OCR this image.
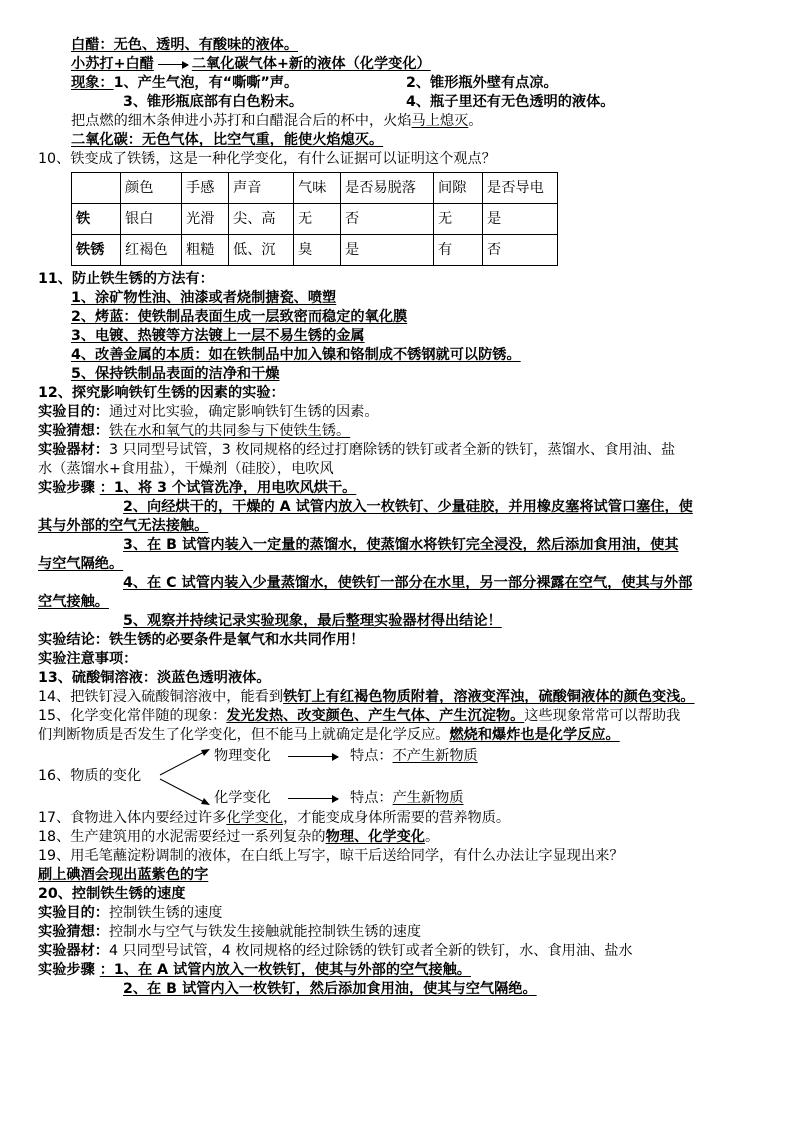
白醋：无色、透明、有酸味的液体。
小苏打+白醋	二氧化碳气体+新的液体（化学变化）
现象：1、产生气泡，有“嘶嘶”声。	2、锥形瓶外壁有点凉。
3、锥形瓶底部有白色粉末。	4、瓶子里还有无色透明的液体。
把点燃的细木条伸进小苏打和白醋混合后的杯中，火焰马上熄灭。
二氧化碳：无色气体，比空气重，能使火焰熄灭。
10、铁变成了铁锈，这是一种化学变化，有什么证据可以证明这个观点？
	颜色	手感	声音	气味	是否易脱落	间隙	是否导电
铁	银白	光滑	尖、高	无	否	无	是
铁锈	红褐色	粗糙	低、沉	臭	是	有	否
11、防止铁生锈的方法有：
1、涂矿物性油、油漆或者烧制搪瓷、喷塑
2、烤蓝：使铁制品表面生成一层致密而稳定的氧化膜
3、电镀、热镀等方法镀上一层不易生锈的金属
4、改善金属的本质：如在铁制品中加入镍和铬制成不锈钢就可以防锈。
5、保持铁制品表面的洁净和干燥
12、探究影响铁钉生锈的因素的实验：
实验目的：通过对比实验，确定影响铁钉生锈的因素。
实验猜想：铁在水和氧气的共同参与下使铁生锈。
实验器材：3 只同型号试管，3 枚同规格的经过打磨除锈的铁钉或者全新的铁钉，蒸馏水、食用油、盐
水（蒸馏水+食用盐），干燥剂（硅胶），电吹风
实验步骤 ：1、将 3 个试管洗净，用电吹风烘干。
2、向经烘干的，干燥的 A 试管内放入一枚铁钉、少量硅胶，并用橡皮塞将试管口塞住，使
其与外部的空气无法接触。
3、在 B 试管内装入一定量的蒸馏水，使蒸馏水将铁钉完全浸没，然后添加食用油，使其
与空气隔绝。
4、在 C 试管内装入少量蒸馏水，使铁钉一部分在水里，另一部分裸露在空气，使其与外部
空气接触。
5、观察并持续记录实验现象，最后整理实验器材得出结论！
实验结论：铁生锈的必要条件是氧气和水共同作用！
实验注意事项：
13、硫酸铜溶液：淡蓝色透明液体。
14、把铁钉浸入硫酸铜溶液中，能看到铁钉上有红褐色物质附着，溶液变浑浊，硫酸铜液体的颜色变浅。
15、化学变化常伴随的现象：发光发热、改变颜色、产生气体、产生沉淀物。这些现象常常可以帮助我
们判断物质是否发生了化学变化，但不能马上就确定是化学反应。燃烧和爆炸也是化学反应。
16、物质的变化
物理变化	特点：不产生新物质
化学变化	特点：产生新物质
17、食物进入体内要经过许多化学变化，才能变成身体所需要的营养物质。
18、生产建筑用的水泥需要经过一系列复杂的物理、化学变化。
19、用毛笔蘸淀粉调制的液体，在白纸上写字，晾干后送给同学，有什么办法让字显现出来？
刷上碘酒会现出蓝紫色的字
20、控制铁生锈的速度
实验目的：控制铁生锈的速度
实验猜想：控制水与空气与铁发生接触就能控制铁生锈的速度
实验器材：4 只同型号试管，4 枚同规格的经过除锈的铁钉或者全新的铁钉，水、食用油、盐水
实验步骤 ：1、在 A 试管内放入一枚铁钉，使其与外部的空气接触。
2、在 B 试管内入一枚铁钉，然后添加食用油，使其与空气隔绝。
